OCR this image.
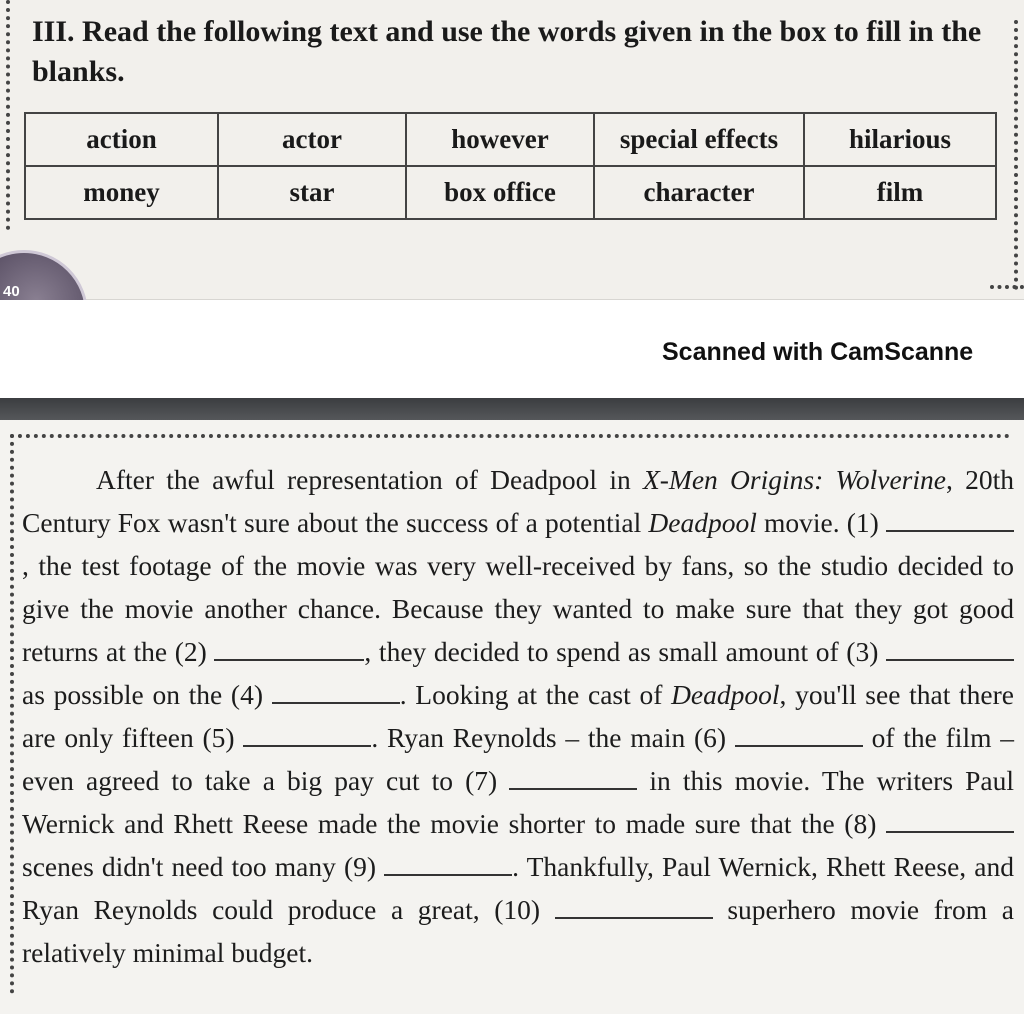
III. Read the following text and use the words given in the box to fill in the blanks.
action	actor	however	special effects	hilarious
money	star	box office	character	film
40
Scanned with CamScanne
After the awful representation of Deadpool in X-Men Origins: Wolverine, 20th Century Fox wasn't sure about the success of a potential Deadpool movie. (1) , the test footage of the movie was very well-received by fans, so the studio decided to give the movie another chance. Because they wanted to make sure that they got good returns at the (2)	, they decided to spend as small amount of (3)  as possible on the (4)	. Looking at the cast of Deadpool, you'll see that there are only fifteen (5)	. Ryan Reynolds – the main (6)	of the film – even agreed to take a big pay cut to (7)	in this movie. The writers Paul Wernick and Rhett Reese made the movie shorter to made sure that the (8)  scenes didn't need too many (9)	. Thankfully, Paul Wernick, Rhett Reese, and Ryan Reynolds could produce a great, (10)	superhero movie from a relatively minimal budget.
